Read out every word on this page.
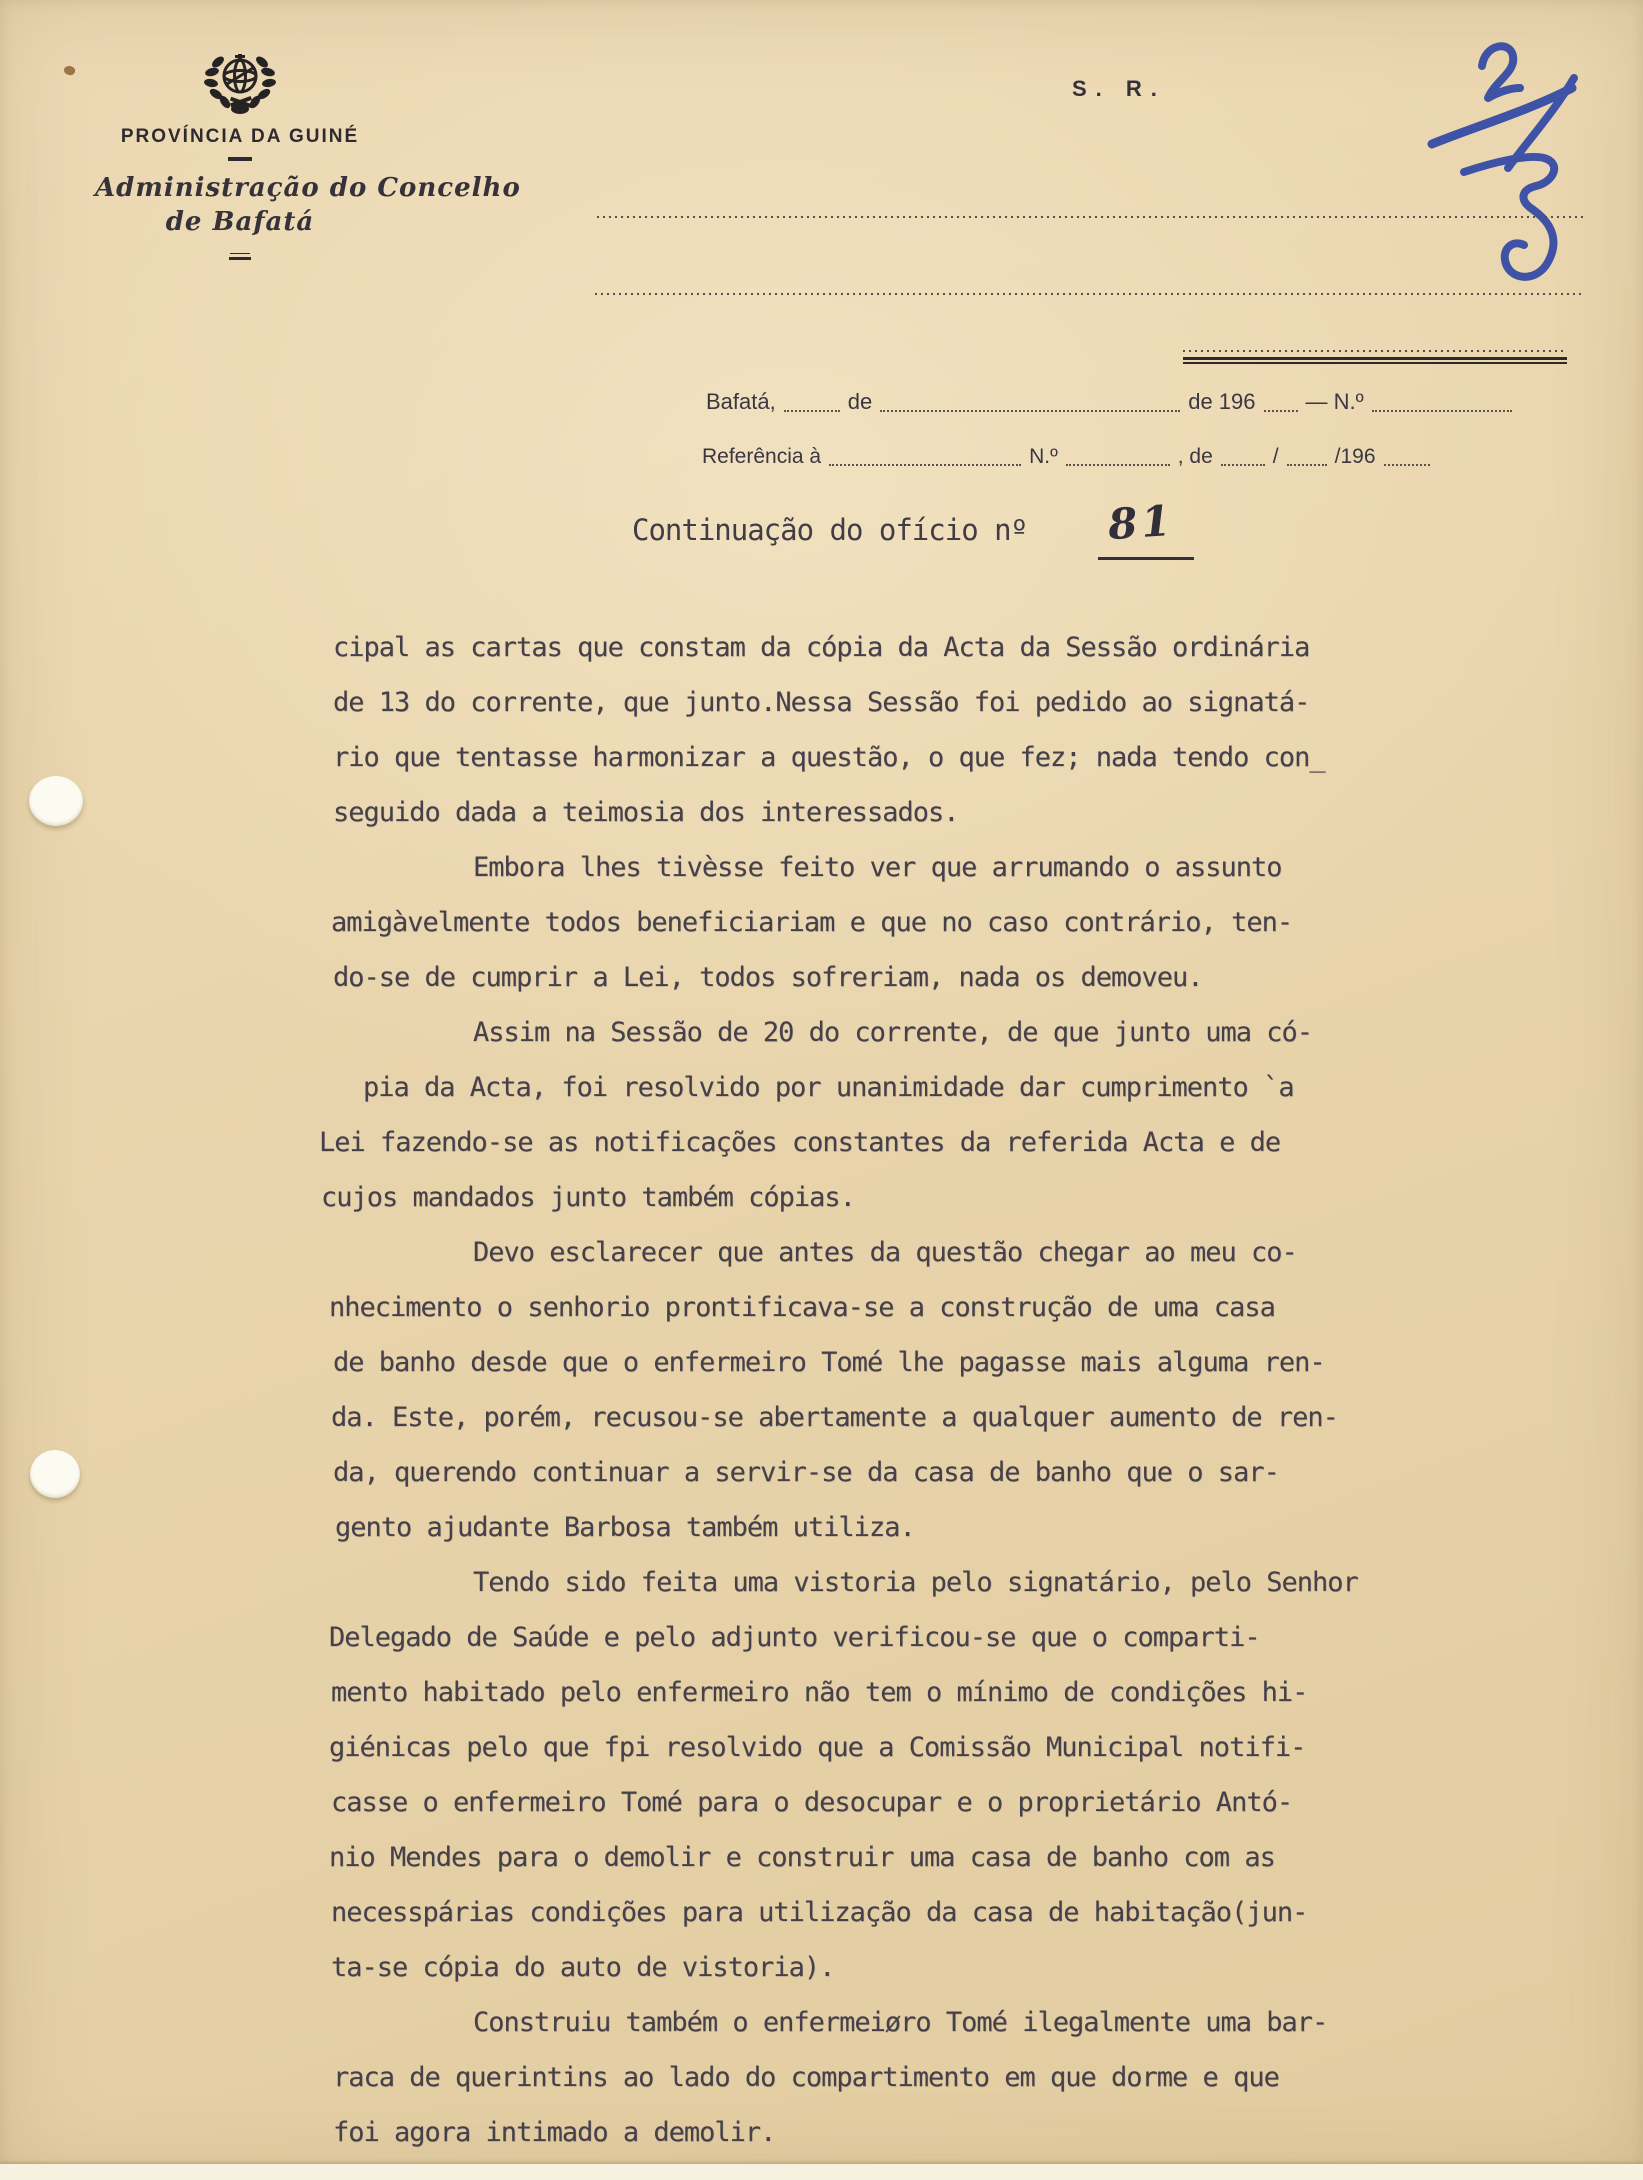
PROVÍNCIA DA GUINÉ
Administração do Concelho
de Bafatá
S. R.
Bafatá,	de	de 196 — N.º
Referência à	N.º	, de	/	/196
Continuação do ofício nº 81
cipal as cartas que constam da cópia da Acta da Sessão ordinária
de 13 do corrente, que junto.Nessa Sessão foi pedido ao signatá-
rio que tentasse harmonizar a questão, o que fez; nada tendo con_
seguido dada a teimosia dos interessados.
Embora lhes tivèsse feito ver que arrumando o assunto
amigàvelmente todos beneficiariam e que no caso contrário, ten-
do-se de cumprir a Lei, todos sofreriam, nada os demoveu.
Assim na Sessão de 20 do corrente, de que junto uma có-
pia da Acta, foi resolvido por unanimidade dar cumprimento `a
Lei fazendo-se as notificações constantes da referida Acta e de
cujos mandados junto também cópias.
Devo esclarecer que antes da questão chegar ao meu co-
nhecimento o senhorio prontificava-se a construção de uma casa
de banho desde que o enfermeiro Tomé lhe pagasse mais alguma ren-
da. Este, porém, recusou-se abertamente a qualquer aumento de ren-
da, querendo continuar a servir-se da casa de banho que o sar-
gento ajudante Barbosa também utiliza.
Tendo sido feita uma vistoria pelo signatário, pelo Senhor
Delegado de Saúde e pelo adjunto verificou-se que o comparti-
mento habitado pelo enfermeiro não tem o mínimo de condições hi-
giénicas pelo que fpi resolvido que a Comissão Municipal notifi-
casse o enfermeiro Tomé para o desocupar e o proprietário Antó-
nio Mendes para o demolir e construir uma casa de banho com as
necesspárias condições para utilização da casa de habitação(jun-
ta-se cópia do auto de vistoria).
Construiu também o enfermeiøro Tomé ilegalmente uma bar-
raca de querintins ao lado do compartimento em que dorme e que
foi agora intimado a demolir.
